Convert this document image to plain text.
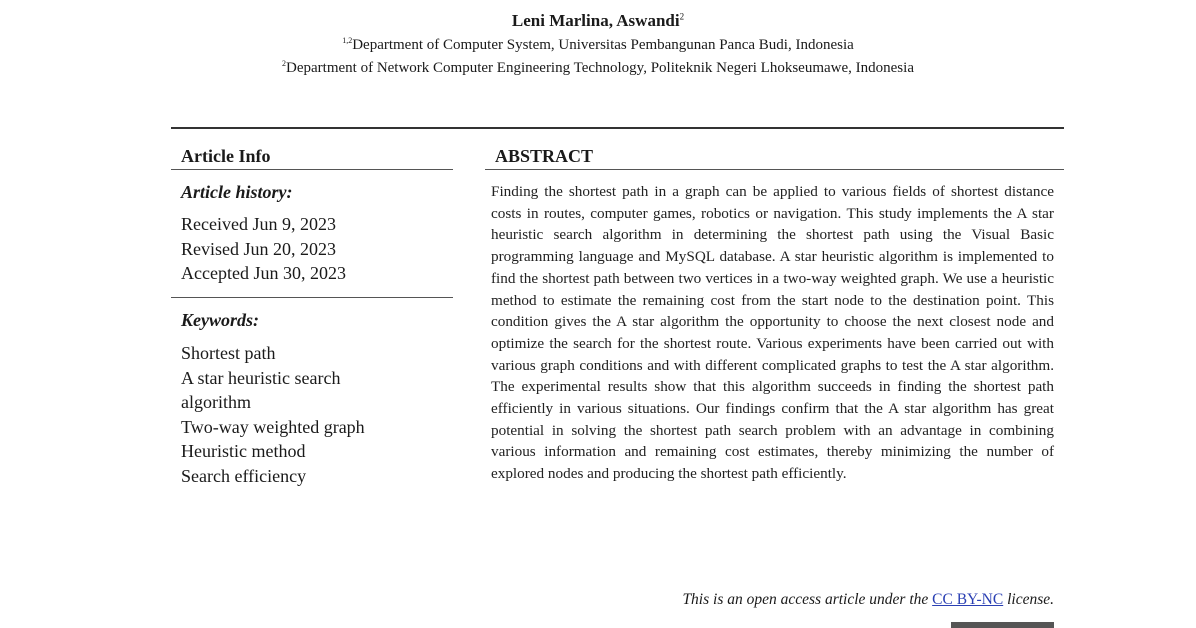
Leni Marlina, Aswandi$^2$
$^{1,2}$Department of Computer System, Universitas Pembangunan Panca Budi, Indonesia
$^2$Department of Network Computer Engineering Technology, Politeknik Negeri Lhokseumawe, Indonesia
Article Info
Article history:
Received Jun 9, 2023
Revised Jun 20, 2023
Accepted Jun 30, 2023
Keywords:
Shortest path
A star heuristic search
algorithm
Two-way weighted graph
Heuristic method
Search efficiency
ABSTRACT
Finding the shortest path in a graph can be applied to various fields of shortest distance costs in routes, computer games, robotics or navigation. This study implements the A star heuristic search algorithm in determining the shortest path using the Visual Basic programming language and MySQL database. A star heuristic algorithm is implemented to find the shortest path between two vertices in a two-way weighted graph. We use a heuristic method to estimate the remaining cost from the start node to the destination point. This condition gives the A star algorithm the opportunity to choose the next closest node and optimize the search for the shortest route. Various experiments have been carried out with various graph conditions and with different complicated graphs to test the A star algorithm. The experimental results show that this algorithm succeeds in finding the shortest path efficiently in various situations. Our findings confirm that the A star algorithm has great potential in solving the shortest path search problem with an advantage in combining various information and remaining cost estimates, thereby minimizing the number of explored nodes and producing the shortest path efficiently.
This is an open access article under the CC BY-NC license.
